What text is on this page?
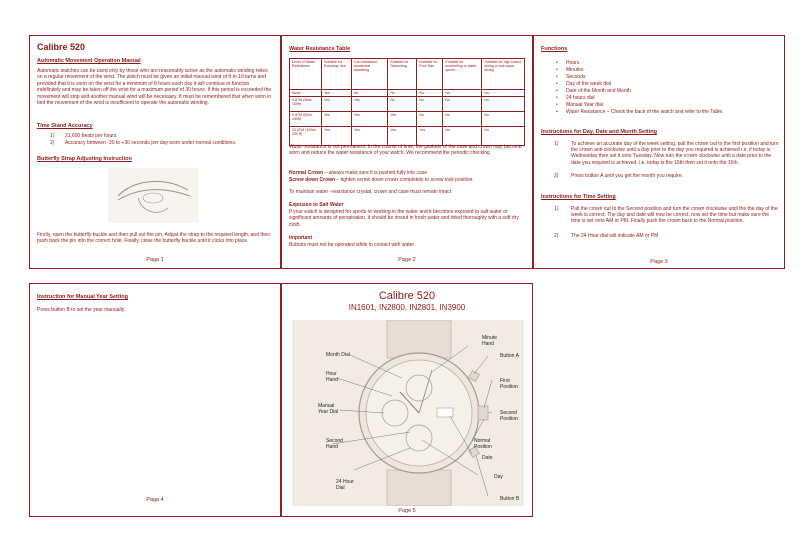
Calibre 520
Automatic Movement Operation Manual
Automatic watches can be used only by those who are reasonably active as the automatic winding relies on a regular movement of the wrist. The watch must be given an initial manual wind of 8 to 10 turns and provided that it is worn on the wrist for a minimum of 8 hours each day it will continue to function indefinitely and may be taken off the wrist for a maximum period of 30 hours. If this period is exceeded the movement will stop and another manual wind will be necessary. It must be remembered that when worn in bed the movement of the wrist is insufficient to operate the automatic winding.
Time Stand Accuracy
1) 21,600 beats per hours
2) Accuracy between -30 to +30 seconds per day worn under normal conditions.
Butterfly Strap Adjusting Instruction
Firstly, open the butterfly buckle and then pull out the pin. Adjust the strap to the required length, and then push back the pin into the correct hole. Finally, close the butterfly buckle until it clicks into place.
Page 1
Water Resistance Table
Level of Water Resistance	Suitable for Everyday use	Can withstand accidental splashing	Suitable for Swimming	Suitable for Pool Size	Suitable for snorkelling or water sports	Suitable for high board diving or sub-aqua diving
None	Yes	No	No	No	No	No
3 ATM (30m/ 100ft)	Yes	Yes	No	No	No	No
5 ATM (50m/ 150ft)	Yes	Yes	Yes	No	No	No
10 ATM (100m/ 330 ft)	Yes	Yes	Yes	Yes	No	No
Water resistance is not permanent. In the course of time, the gaskets of the case and crown may become worn and reduce the water resistance of your watch. We recommend the periodic checking
Normal Crown – always make sure it is pushed fully into case
Screw down Crown – tighten screw down crown completely to screw lock position.
To maintain water –resistance crystal, crown and case must remain intact
Exposure to Salt Water
If your watch is designed for sports or working in the water and it becomes exposed to salt water or significant amounts of perspiration, it should be rinsed in fresh water and dried thoroughly with a soft dry cloth.
Important
Buttons must not be operated while in contact with water
Page 2
Functions
• Hours
• Minutes
• Seconds
• Day of the week dial
• Date of the Month and Month
• 24 hours dial
• Manual Year dial
• Water Resistance – Check the back of the watch and refer to the Table.
Instructions for Day, Date and Month Setting
1)	To achieve an accurate day of the week setting, pull the crown out to the first position and turn the crown anti-clockwise until a day prior to the day you required is achieved i.e. if today is Wednesday then set it onto Tuesday. Now turn the crown clockwise until a date prior to the date you required is achieved. i.e. today is the 16th then set it onto the 15th.
2)	Press button A until you get the month you require.
Instructions for Time Setting
1)	Pull the crown out to the Second position and turn the crown clockwise until the the day of the week is correct. The day and date will now be correct, now set the time but make sure the time is set onto AM or PM. Finally push the crown back to the Normal position.
2)	The 24 Hour dial will indicate AM or PM
Page 3
Instruction for Manual Year Setting
Press button B to set the year manually.
Page 4
Calibre 520
IN1601, IN2800, IN2801, IN3900
Month Dial
Hour
Hand
Manual
Year Dial
Second
Hand
24 Hour
Dial
Minute
Hand
Button A
First
Position
Second
Position
Normal
Position
Date
Day
Button B
Page 5
